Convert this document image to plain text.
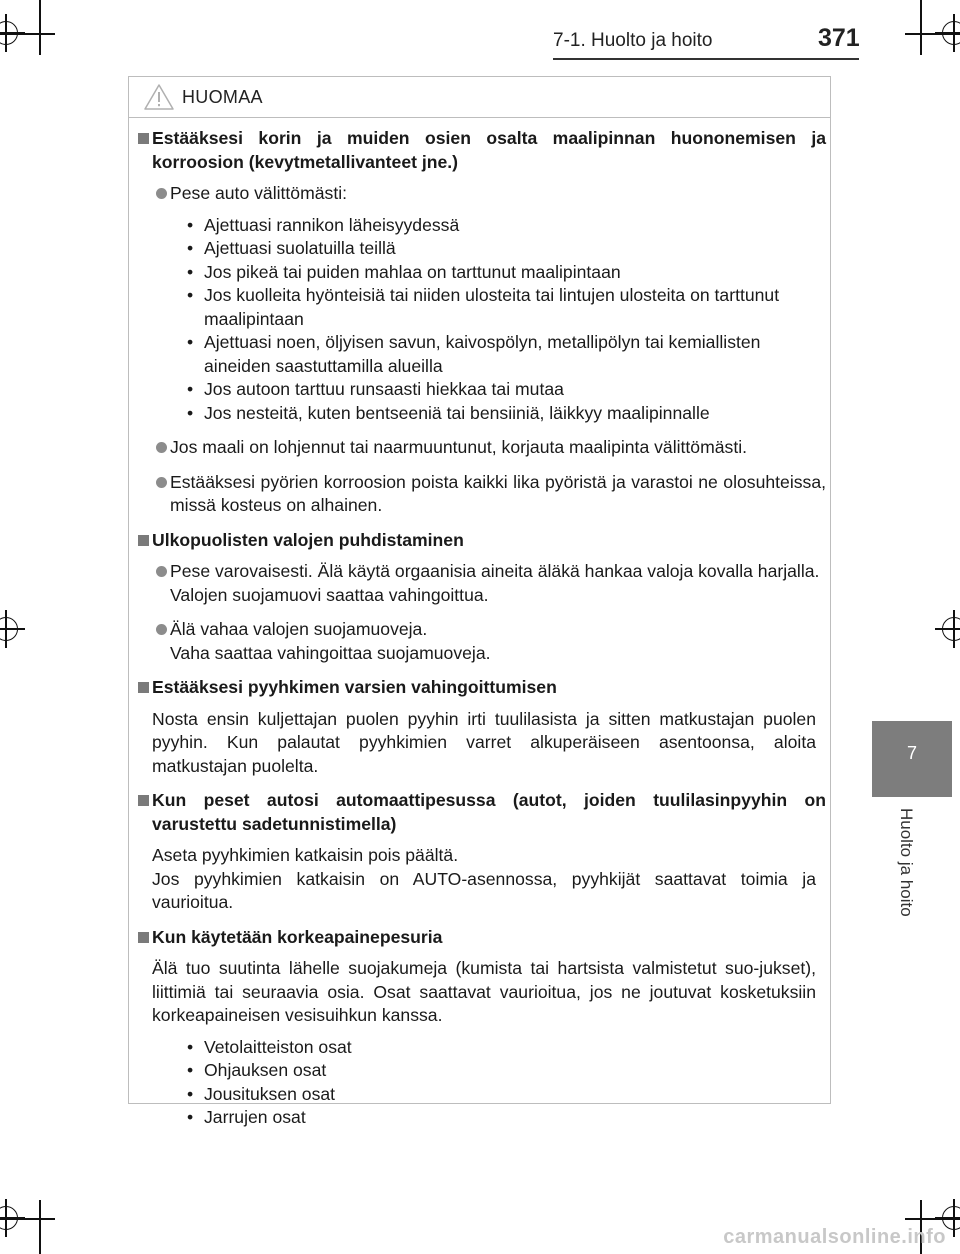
7-1. Huolto ja hoito	371
7
Huolto ja hoito
HUOMAA
Estääksesi korin ja muiden osien osalta maalipinnan huononemisen ja korroosion (kevytmetallivanteet jne.)
Pese auto välittömästi:
• Ajettuasi rannikon läheisyydessä
• Ajettuasi suolatuilla teillä
• Jos pikeä tai puiden mahlaa on tarttunut maalipintaan
• Jos kuolleita hyönteisiä tai niiden ulosteita tai lintujen ulosteita on tarttunut maalipintaan
• Ajettuasi noen, öljyisen savun, kaivospölyn, metallipölyn tai kemiallisten aineiden saastuttamilla alueilla
• Jos autoon tarttuu runsaasti hiekkaa tai mutaa
• Jos nesteitä, kuten bentseeniä tai bensiiniä, läikkyy maalipinnalle
Jos maali on lohjennut tai naarmuuntunut, korjauta maalipinta välittömästi.
Estääksesi pyörien korroosion poista kaikki lika pyöristä ja varastoi ne olosuhteissa, missä kosteus on alhainen.
Ulkopuolisten valojen puhdistaminen
Pese varovaisesti. Älä käytä orgaanisia aineita äläkä hankaa valoja kovalla harjalla.
Valojen suojamuovi saattaa vahingoittua.
Älä vahaa valojen suojamuoveja.
Vaha saattaa vahingoittaa suojamuoveja.
Estääksesi pyyhkimen varsien vahingoittumisen
Nosta ensin kuljettajan puolen pyyhin irti tuulilasista ja sitten matkustajan puolen pyyhin. Kun palautat pyyhkimien varret alkuperäiseen asentoonsa, aloita matkustajan puolelta.
Kun peset autosi automaattipesussa (autot, joiden tuulilasinpyyhin on varustettu sadetunnistimella)
Aseta pyyhkimien katkaisin pois päältä.
Jos pyyhkimien katkaisin on AUTO-asennossa, pyyhkijät saattavat toimia ja vaurioitua.
Kun käytetään korkeapainepesuria
Älä tuo suutinta lähelle suojakumeja (kumista tai hartsista valmistetut suo-jukset), liittimiä tai seuraavia osia. Osat saattavat vaurioitua, jos ne joutuvat kosketuksiin korkeapaineisen vesisuihkun kanssa.
• Vetolaitteiston osat
• Ohjauksen osat
• Jousituksen osat
• Jarrujen osat
carmanualsonline.info
